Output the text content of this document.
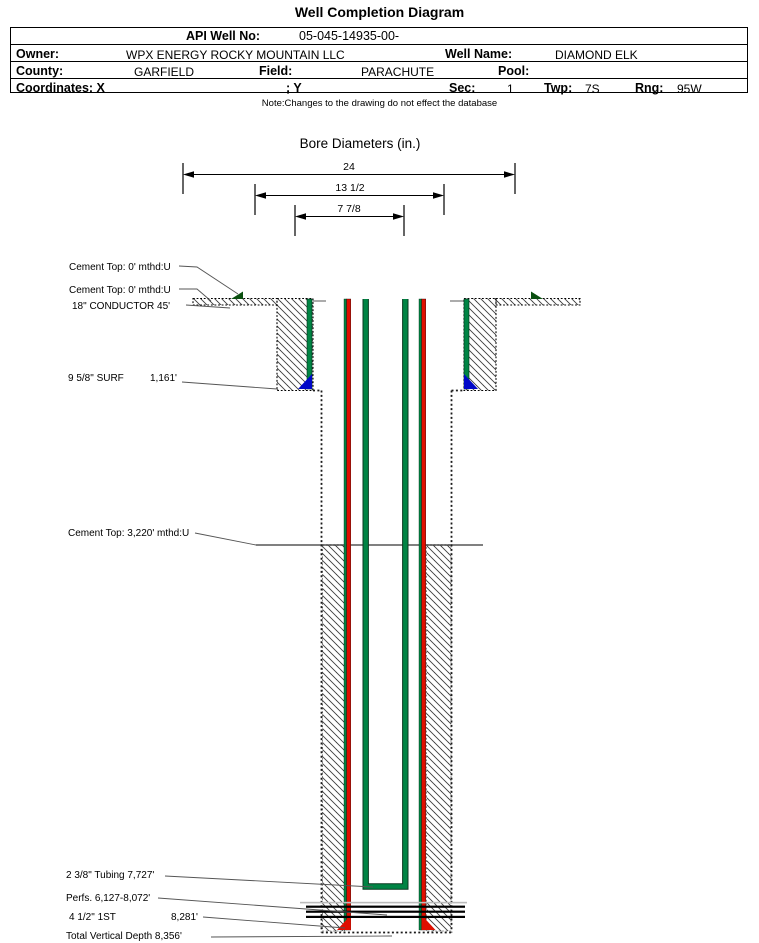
Well Completion Diagram
API Well No:	05-045-14935-00-
Owner:	WPX ENERGY ROCKY MOUNTAIN LLC	Well Name:	DIAMOND ELK
County:	GARFIELD	Field:	PARACHUTE	Pool:
Coordinates: X	; Y	Sec:	1 Twp: 7S	Rng: 95W
Note:Changes to the drawing do not effect the database
Bore Diameters (in.)
24
13 1/2
7 7/8
Cement Top: 0' mthd:U
Cement Top: 0' mthd:U
18" CONDUCTOR 45'
9 5/8" SURF	1,161'
Cement Top: 3,220' mthd:U
2 3/8" Tubing 7,727'
Perfs. 6,127-8,072'
4 1/2" 1ST	8,281'
Total Vertical Depth 8,356'
